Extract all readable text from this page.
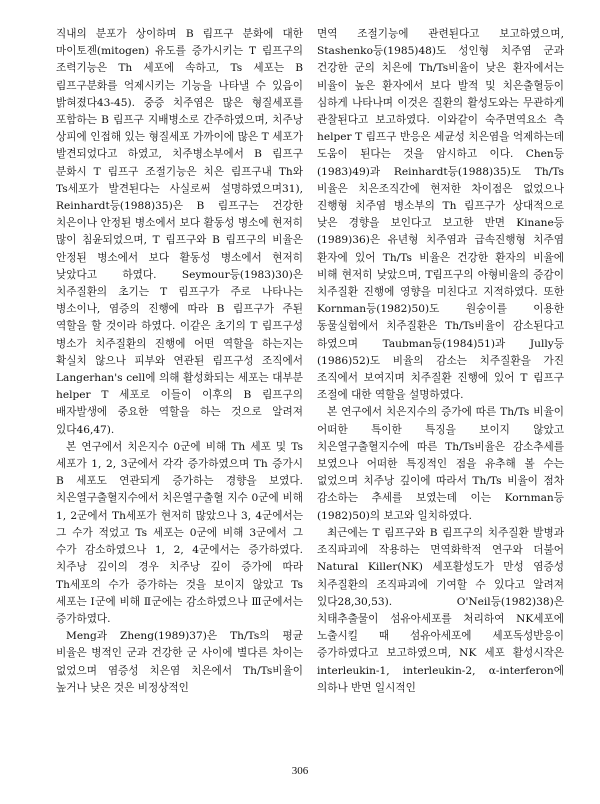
직내의 분포가 상이하며 B 림프구 분화에 대한 마이토젠(mitogen) 유도를 증가시키는 T 림프구의 조력기능은 Th 세포에 속하고, Ts 세포는 B 림프구분화를 억제시키는 기능을 나타낼 수 있음이 밝혀졌다43-45). 중증 치주염은 많은 형질세포를 포함하는 B 림프구 지배병소로 간주하였으며, 치주낭 상피에 인접해 있는 형질세포 가까이에 많은 T 세포가 발견되었다고 하였고, 치주병소부에서 B 림프구 분화시 T 림프구 조절기능은 치은 림프구내 Th와 Ts세포가 발견된다는 사실로써 설명하였으며31), Reinhardt등(1988)35)은 B 림프구는 건강한 치은이나 안정된 병소에서 보다 활동성 병소에 현저히 많이 침윤되었으며, T 림프구와 B 림프구의 비율은 안정된 병소에서 보다 활동성 병소에서 현저히 낮았다고 하였다. Seymour등(1983)30)은 치주질환의 초기는 T 림프구가 주로 나타나는 병소이나, 염증의 진행에 따라 B 림프구가 주된 역할을 할 것이라 하였다. 이같은 초기의 T 림프구성 병소가 치주질환의 진행에 어떤 역할을 하는지는 확실치 않으나 피부와 연관된 림프구성 조직에서 Langerhan's cell에 의해 활성화되는 세포는 대부분 helper T 세포로 이들이 이후의 B 림프구의 배자발생에 중요한 역할을 하는 것으로 알려져 있다46,47).

본 연구에서 치은지수 0군에 비해 Th 세포 및 Ts 세포가 1, 2, 3군에서 각각 증가하였으며 Th 증가시 B 세포도 연관되게 증가하는 경향을 보였다. 치은열구출혈지수에서 치은열구출혈 지수 0군에 비해 1, 2군에서 Th세포가 현저히 많았으나 3, 4군에서는 그 수가 적었고 Ts 세포는 0군에 비해 3군에서 그 수가 감소하였으나 1, 2, 4군에서는 증가하였다. 치주낭 깊이의 경우 치주낭 깊이 증가에 따라 Th세포의 수가 증가하는 것을 보이지 않았고 Ts 세포는 Ⅰ군에 비해 Ⅱ군에는 감소하였으나 Ⅲ군에서는 증가하였다.

Meng과 Zheng(1989)37)은 Th/Ts의 평균 비율은 병적인 군과 건강한 군 사이에 별다른 차이는 없었으며 염증성 치은염 치은에서 Th/Ts비율이 높거나 낮은 것은 비정상적인

면역 조절기능에 관련된다고 보고하였으며, Stashenko등(1985)48)도 성인형 치주염 군과 건강한 군의 치은에 Th/Ts비율이 낮은 환자에서는 비율이 높은 환자에서 보다 발적 및 치은출혈등이 심하게 나타나며 이것은 질환의 활성도와는 무관하게 관찰된다고 보고하였다. 이와같이 숙주면역요소 측 helper T 림프구 반응은 세균성 치은염을 억제하는데 도움이 된다는 것을 암시하고 이다. Chen등(1983)49)과 Reinhardt등(1988)35)도 Th/Ts 비율은 치은조직간에 현저한 차이점은 없었으나 진행형 치주염 병소부의 Th 림프구가 상대적으로 낮은 경향을 보인다고 보고한 반면 Kinane등(1989)36)은 유년형 치주염과 급속진행형 치주염 환자에 있어 Th/Ts 비율은 건강한 환자의 비율에 비해 현저히 낮았으며, T림프구의 아형비율의 증감이 치주질환 진행에 영향을 미친다고 지적하였다. 또한 Kornman등(1982)50)도 원숭이를 이용한 동물실험에서 치주질환은 Th/Ts비율이 감소된다고 하였으며 Taubman등(1984)51)과 Jully등(1986)52)도 비율의 감소는 치주질환을 가진 조직에서 보여지며 치주질환 진행에 있어 T 림프구 조절에 대한 역할을 설명하였다.

본 연구에서 치은지수의 증가에 따른 Th/Ts 비율이 어떠한 특이한 특징을 보이지 않았고 치은열구출혈지수에 따른 Th/Ts비율은 감소추세를 보였으나 어떠한 특징적인 점을 유추해 볼 수는 없었으며 치주낭 깊이에 따라서 Th/Ts 비율이 점차 감소하는 추세를 보였는데 이는 Kornman등(1982)50)의 보고와 일치하였다.

최근에는 T 림프구와 B 림프구의 치주질환 발병과 조직파괴에 작용하는 면역화학적 연구와 더불어 Natural Killer(NK) 세포활성도가 만성 염증성 치주질환의 조직파괴에 기여할 수 있다고 알려져 있다28,30,53). O'Neil등(1982)38)은 치태추출물이 섬유아세포를 처리하여 NK세포에 노출시킬 때 섬유아세포에 세포독성반응이 증가하였다고 보고하였으며, NK 세포 활성시작은 interleukin-1, interleukin-2, α-interferon에 의하나 반면 일시적인

306
